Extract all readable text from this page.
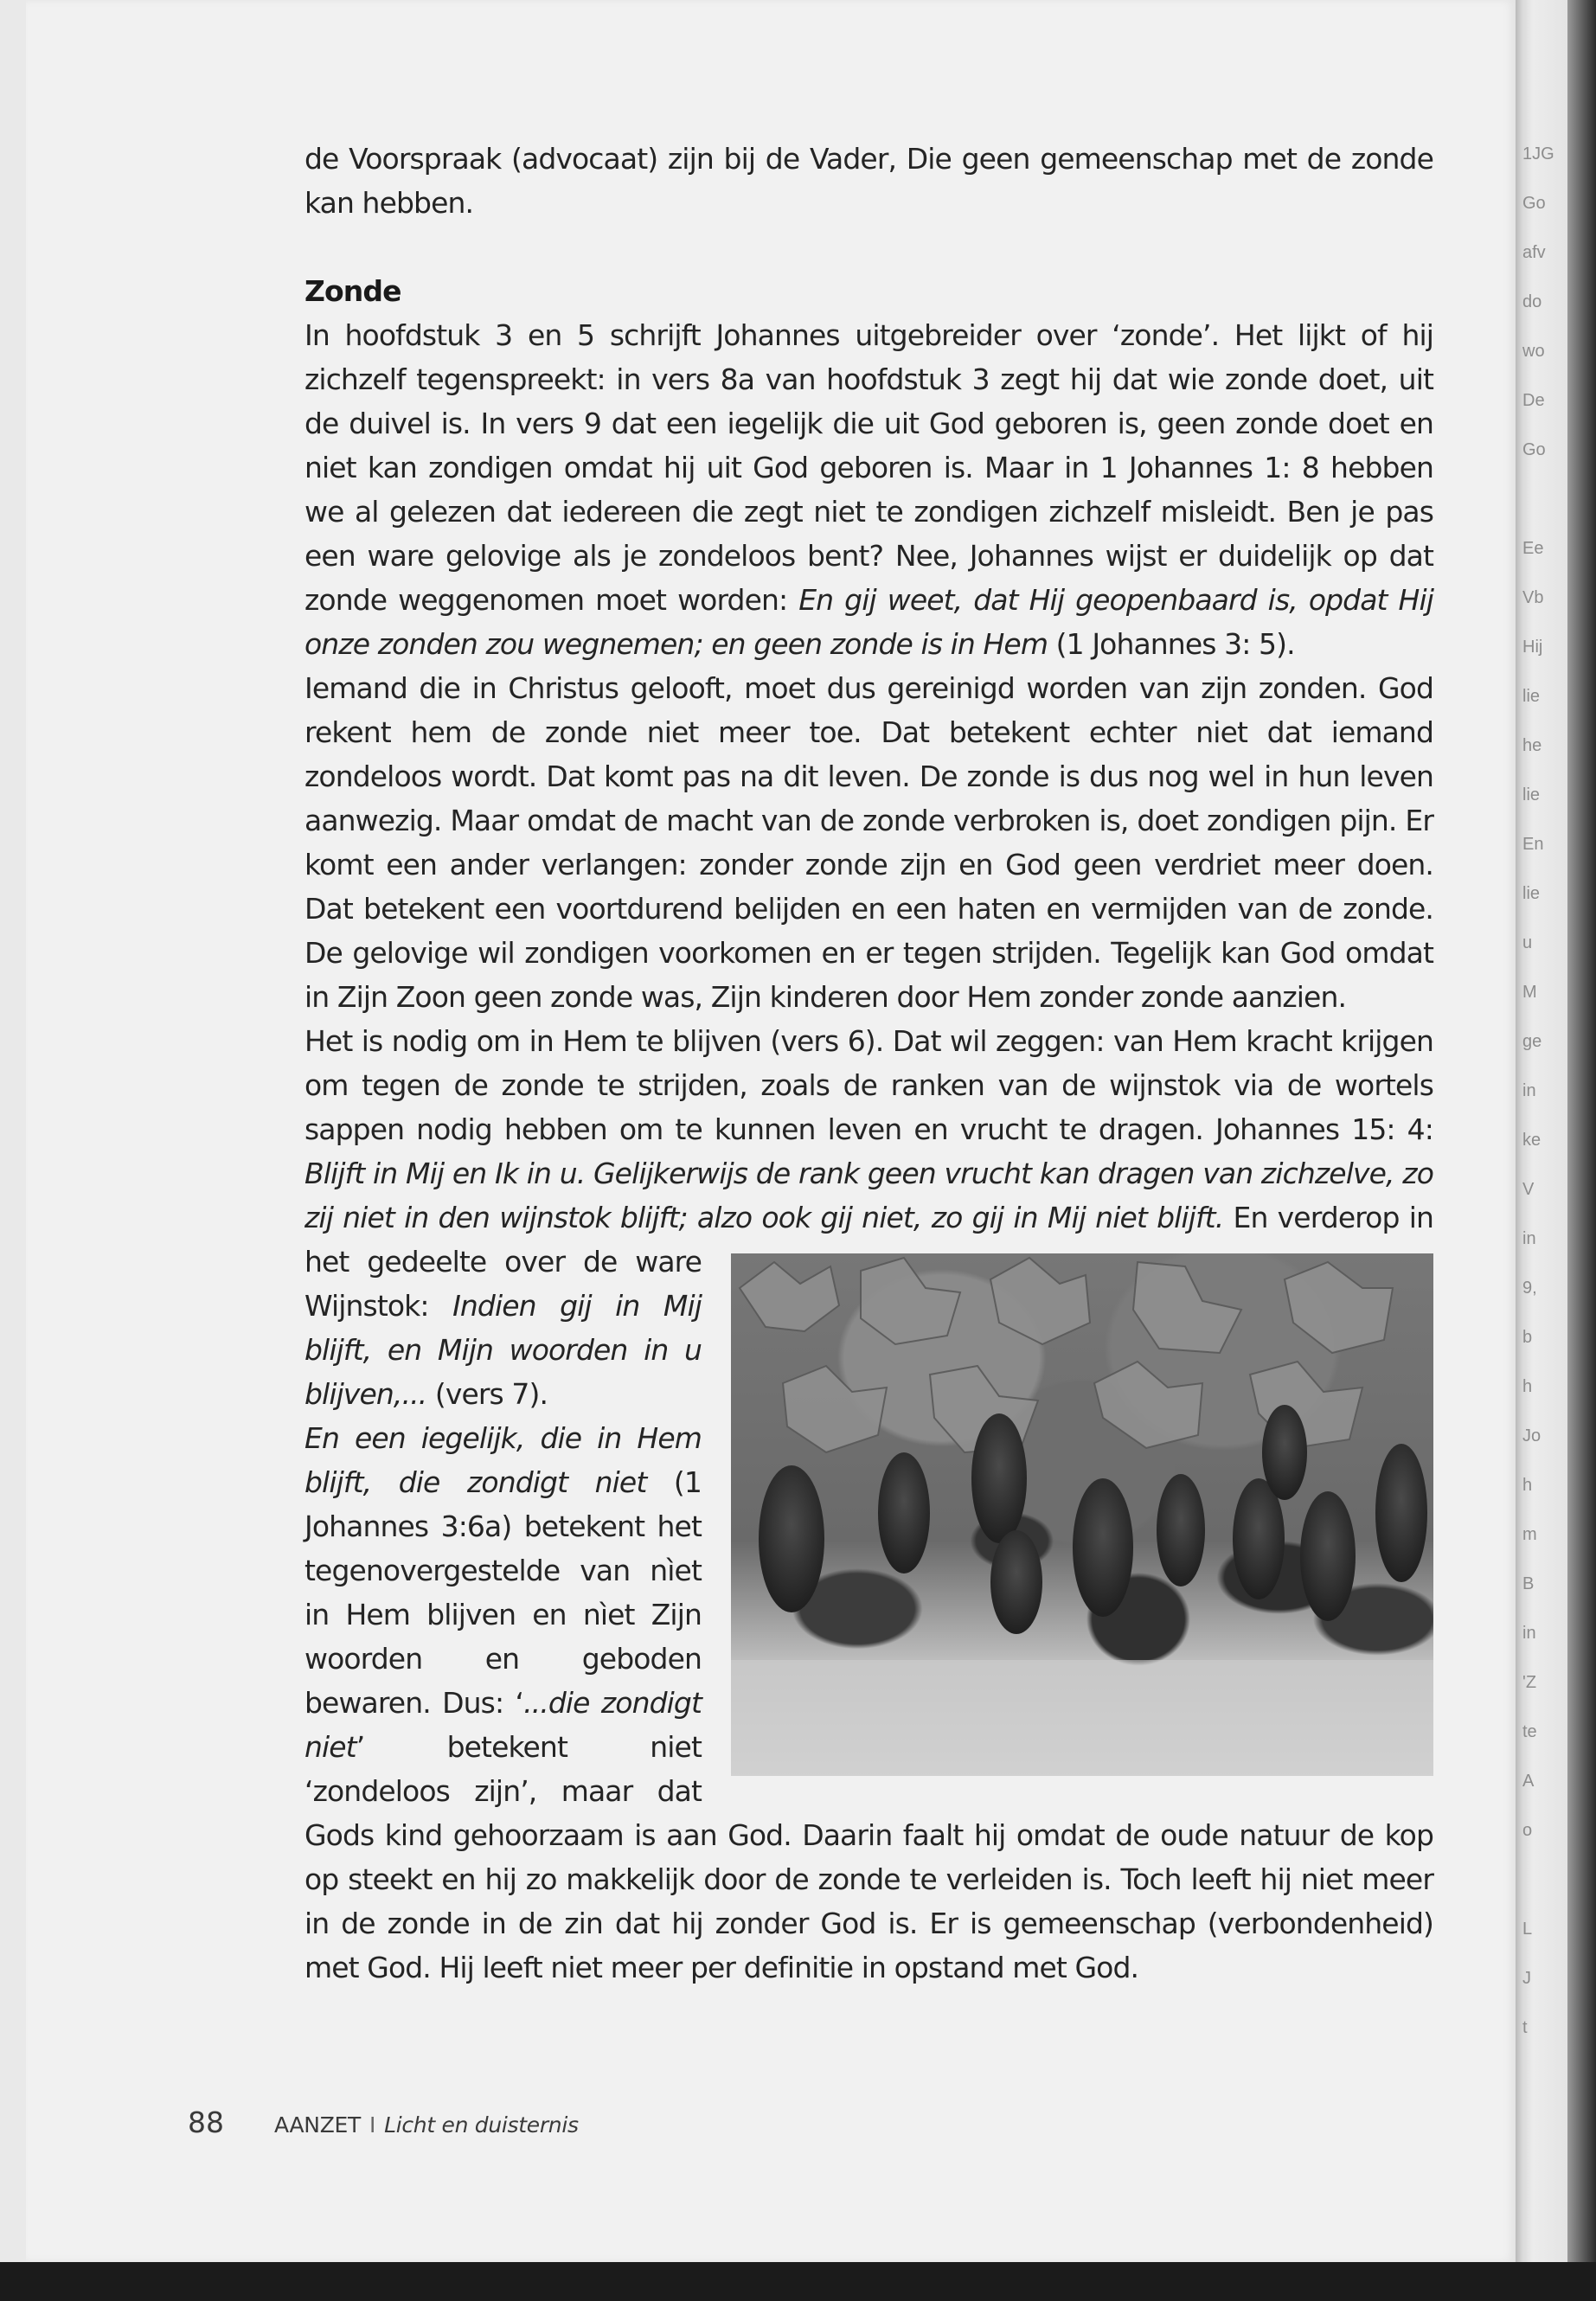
1JG
Go
afv
do
wo
De
Go
Ee
Vb
Hij
lie
he
lie
En
lie
u
M
ge
in
ke
V
in
9,
b
h
Jo
h
m
B
in
'Z
te
A
o
L
J
t

de Voorspraak (advocaat) zijn bij de Vader, Die geen gemeenschap met de zonde kan hebben.

Zonde

In hoofdstuk 3 en 5 schrijft Johannes uitgebreider over ‘zonde’. Het lijkt of hij zichzelf tegenspreekt: in vers 8a van hoofdstuk 3 zegt hij dat wie zonde doet, uit de duivel is. In vers 9 dat een iegelijk die uit God geboren is, geen zonde doet en niet kan zondigen omdat hij uit God geboren is. Maar in 1 Johannes 1: 8 hebben we al gelezen dat iedereen die zegt niet te zondigen zichzelf misleidt. Ben je pas een ware gelovige als je zondeloos bent? Nee, Johannes wijst er duidelijk op dat zonde weggenomen moet worden: En gij weet, dat Hij geopenbaard is, opdat Hij onze zonden zou wegnemen; en geen zonde is in Hem (1 Johannes 3: 5).

Iemand die in Christus gelooft, moet dus gereinigd worden van zijn zonden. God rekent hem de zonde niet meer toe. Dat betekent echter niet dat iemand zondeloos wordt. Dat komt pas na dit leven. De zonde is dus nog wel in hun leven aanwezig. Maar omdat de macht van de zonde verbroken is, doet zondigen pijn. Er komt een ander verlangen: zonder zonde zijn en God geen verdriet meer doen. Dat betekent een voortdurend belijden en een haten en vermijden van de zonde. De gelovige wil zondigen voorkomen en er tegen strijden. Tegelijk kan God omdat in Zijn Zoon geen zonde was, Zijn kinderen door Hem zonder zonde aanzien.

Het is nodig om in Hem te blijven (vers 6). Dat wil zeggen: van Hem kracht krijgen om tegen de zonde te strijden, zoals de ranken van de wijnstok via de wortels sappen nodig hebben om te kunnen leven en vrucht te dragen. Johannes 15: 4: Blijft in Mij en Ik in u. Gelijkerwijs de rank geen vrucht kan dragen van zichzelve, zo zij niet in den wijnstok blijft; alzo ook gij niet, zo gij in Mij niet blijft.
En verderop in het gedeelte over de ware Wijnstok: Indien gij in Mij blijft, en Mijn woorden in u blijven,... (vers 7).

En een iegelijk, die in Hem blijft, die zondigt niet (1 Johannes 3:6a) betekent het tegenovergestelde van nìet in Hem blijven en nìet Zijn woorden en geboden bewaren. Dus: ‘...die zondigt niet’ betekent niet ‘zondeloos zijn’, maar dat Gods kind gehoorzaam is aan God. Daarin faalt hij omdat de oude natuur de kop op steekt en hij zo makkelijk door de zonde te verleiden is. Toch leeft hij niet meer in de zonde in de zin dat hij zonder God is. Er is gemeenschap (verbondenheid) met God. Hij leeft niet meer per definitie in opstand met God.

88 AANZET I Licht en duisternis
